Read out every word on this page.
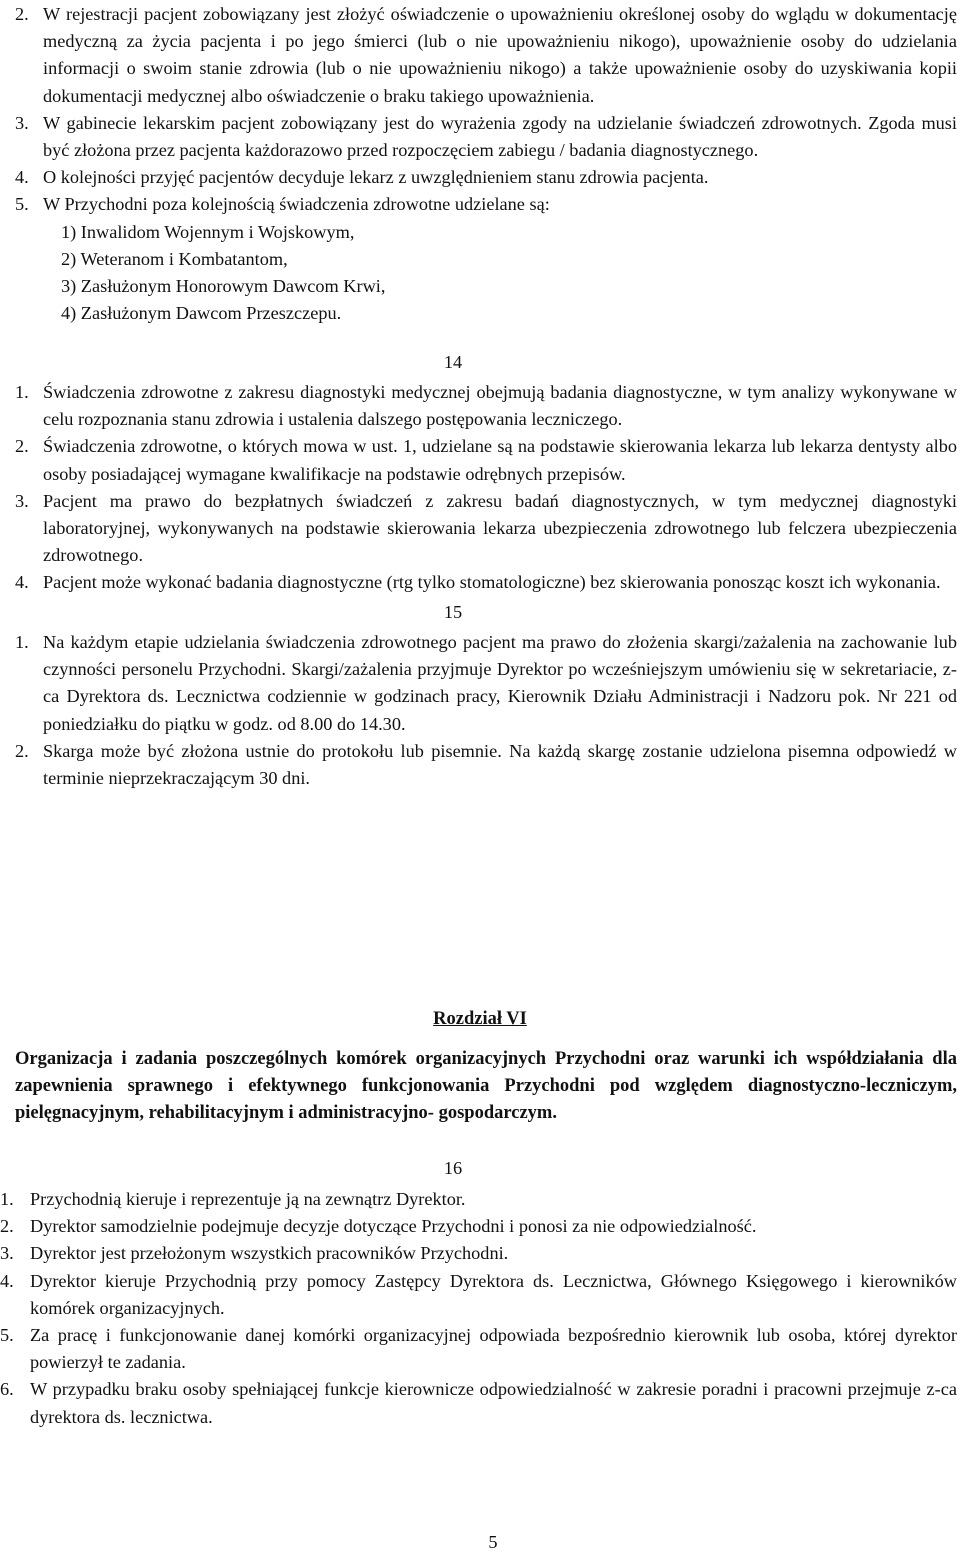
2. W rejestracji pacjent zobowiązany jest złożyć oświadczenie o upoważnieniu określonej osoby do wglądu w dokumentację medyczną za życia pacjenta i po jego śmierci (lub o nie upoważnieniu nikogo), upoważnienie osoby do udzielania informacji o swoim stanie zdrowia (lub o nie upoważnieniu nikogo) a także upoważnienie osoby do uzyskiwania kopii dokumentacji medycznej albo oświadczenie o braku takiego upoważnienia.
3. W gabinecie lekarskim pacjent zobowiązany jest do wyrażenia zgody na udzielanie świadczeń zdrowotnych. Zgoda musi być złożona przez pacjenta każdorazowo przed rozpoczęciem zabiegu / badania diagnostycznego.
4. O kolejności przyjęć pacjentów decyduje lekarz z uwzględnieniem stanu zdrowia pacjenta.
5. W Przychodni poza kolejnością świadczenia zdrowotne udzielane są:
1) Inwalidom Wojennym i Wojskowym,
2) Weteranom i Kombatantom,
3) Zasłużonym Honorowym Dawcom Krwi,
4) Zasłużonym Dawcom Przeszczepu.
14
1. Świadczenia zdrowotne z zakresu diagnostyki medycznej obejmują badania diagnostyczne, w tym analizy wykonywane w celu rozpoznania stanu zdrowia i ustalenia dalszego postępowania leczniczego.
2. Świadczenia zdrowotne, o których mowa w ust. 1, udzielane są na podstawie skierowania lekarza lub lekarza dentysty albo osoby posiadającej wymagane kwalifikacje na podstawie odrębnych przepisów.
3. Pacjent ma prawo do bezpłatnych świadczeń z zakresu badań diagnostycznych, w tym medycznej diagnostyki laboratoryjnej, wykonywanych na podstawie skierowania lekarza ubezpieczenia zdrowotnego lub felczera ubezpieczenia zdrowotnego.
4. Pacjent może wykonać badania diagnostyczne (rtg tylko stomatologiczne) bez skierowania ponosząc koszt ich wykonania.
15
1. Na każdym etapie udzielania świadczenia zdrowotnego pacjent ma prawo do złożenia skargi/zażalenia na zachowanie lub czynności personelu Przychodni. Skargi/zażalenia przyjmuje Dyrektor po wcześniejszym umówieniu się w sekretariacie, z-ca Dyrektora ds. Lecznictwa codziennie w godzinach pracy, Kierownik Działu Administracji i Nadzoru pok. Nr 221 od poniedziałku do piątku w godz. od 8.00 do 14.30.
2. Skarga może być złożona ustnie do protokołu lub pisemnie. Na każdą skargę zostanie udzielona pisemna odpowiedź w terminie nieprzekraczającym 30 dni.
Rozdział VI
Organizacja i zadania poszczególnych komórek organizacyjnych Przychodni oraz warunki ich współdziałania dla zapewnienia sprawnego i efektywnego funkcjonowania Przychodni pod względem diagnostyczno-leczniczym, pielęgnacyjnym, rehabilitacyjnym i administracyjno- gospodarczym.
16
1. Przychodnią kieruje i reprezentuje ją na zewnątrz Dyrektor.
2. Dyrektor samodzielnie podejmuje decyzje dotyczące Przychodni i ponosi za nie odpowiedzialność.
3. Dyrektor jest przełożonym wszystkich pracowników Przychodni.
4. Dyrektor kieruje Przychodnią przy pomocy Zastępcy Dyrektora ds. Lecznictwa, Głównego Księgowego i kierowników komórek organizacyjnych.
5. Za pracę i funkcjonowanie danej komórki organizacyjnej odpowiada bezpośrednio kierownik lub osoba, której dyrektor powierzył te zadania.
6. W przypadku braku osoby spełniającej funkcje kierownicze odpowiedzialność w zakresie poradni i pracowni przejmuje z-ca dyrektora ds. lecznictwa.
5
